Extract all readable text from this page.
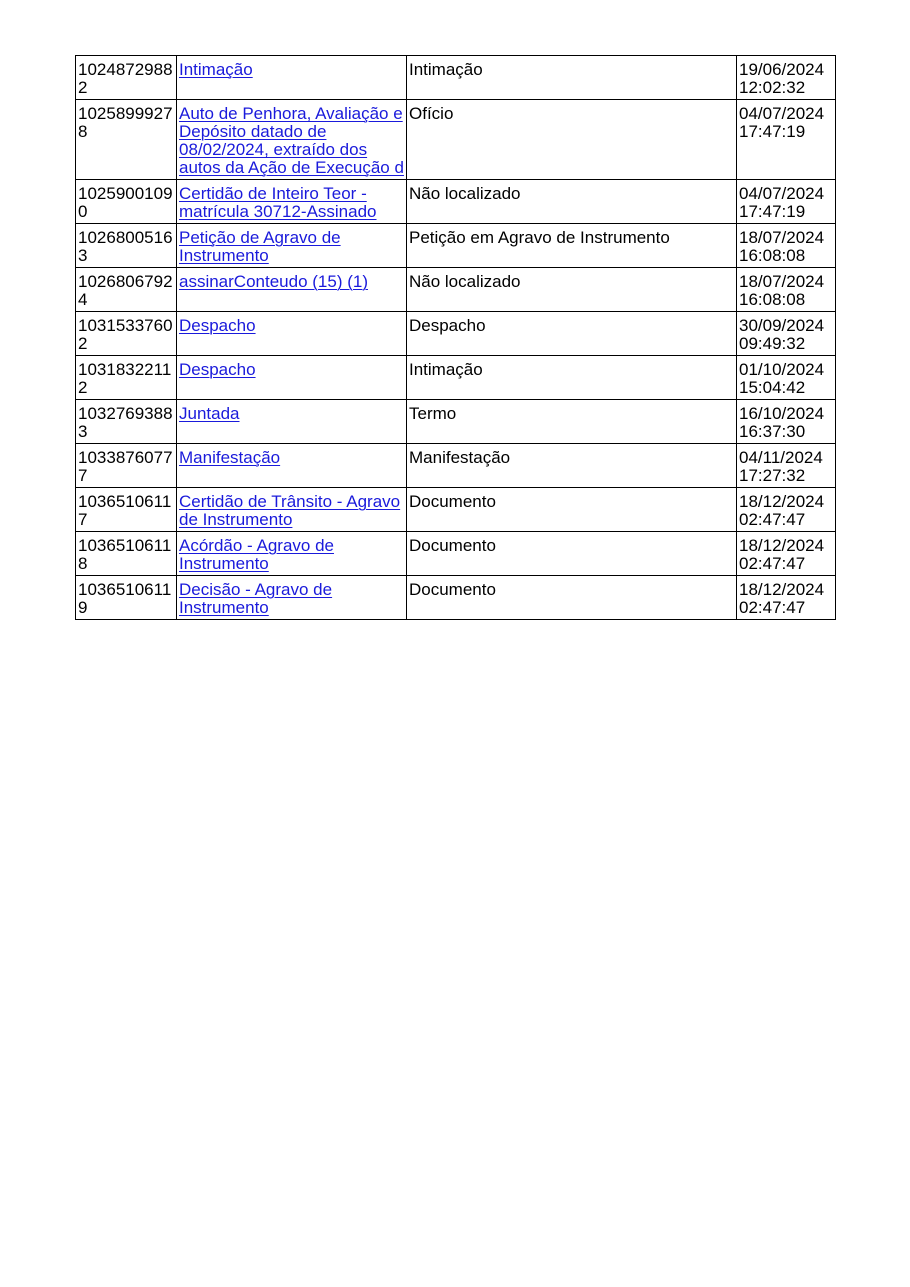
10248729882	Intimação	Intimação	19/06/2024
12:02:32

10258999278	Auto de Penhora, Avaliação e Depósito datado de 08/02/2024, extraído dos autos da Ação de Execução d	Ofício	04/07/2024
17:47:19

10259001090	Certidão de Inteiro Teor - matrícula 30712-Assinado	Não localizado	04/07/2024
17:47:19

10268005163	Petição de Agravo de Instrumento	Petição em Agravo de Instrumento	18/07/2024
16:08:08

10268067924	assinarConteudo (15) (1)	Não localizado	18/07/2024
16:08:08

10315337602	Despacho	Despacho	30/09/2024
09:49:32

10318322112	Despacho	Intimação	01/10/2024
15:04:42

10327693883	Juntada	Termo	16/10/2024
16:37:30

10338760777	Manifestação	Manifestação	04/11/2024
17:27:32

10365106117	Certidão de Trânsito - Agravo de Instrumento	Documento	18/12/2024
02:47:47

10365106118	Acórdão - Agravo de Instrumento	Documento	18/12/2024
02:47:47

10365106119	Decisão - Agravo de Instrumento	Documento	18/12/2024
02:47:47
